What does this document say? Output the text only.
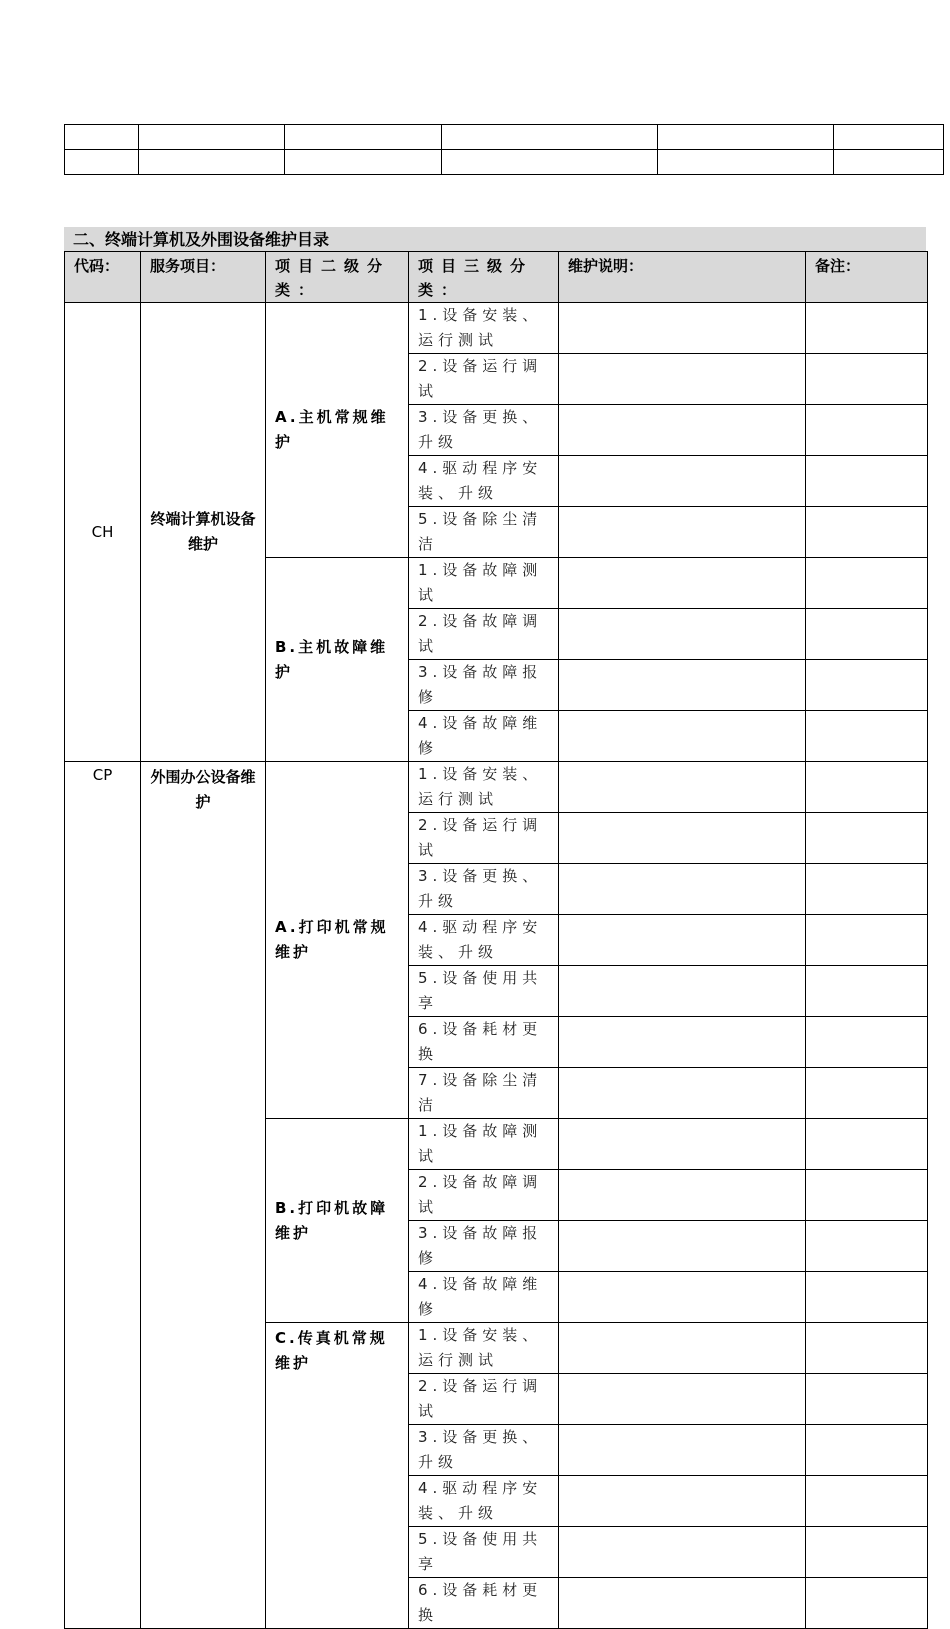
二、终端计算机及外围设备维护目录
代码：	服务项目：	项目二级分类：	项目三级分类：	维护说明：	备注：
CH	终端计算机设备维护	A.主机常规维护	1.设备安装、运行测试		
			2.设备运行调试		
			3.设备更换、升级		
			4.驱动程序安装、升级		
			5.设备除尘清洁		
		B.主机故障维护	1.设备故障测试		
			2.设备故障调试		
			3.设备故障报修		
			4.设备故障维修		
CP	外围办公设备维护	A.打印机常规维护	1.设备安装、运行测试		
			2.设备运行调试		
			3.设备更换、升级		
			4.驱动程序安装、升级		
			5.设备使用共享		
			6.设备耗材更换		
			7.设备除尘清洁		
		B.打印机故障维护	1.设备故障测试		
			2.设备故障调试		
			3.设备故障报修		
			4.设备故障维修		
		C.传真机常规维护	1.设备安装、运行测试		
			2.设备运行调试		
			3.设备更换、升级		
			4.驱动程序安装、升级		
			5.设备使用共享		
			6.设备耗材更换		
